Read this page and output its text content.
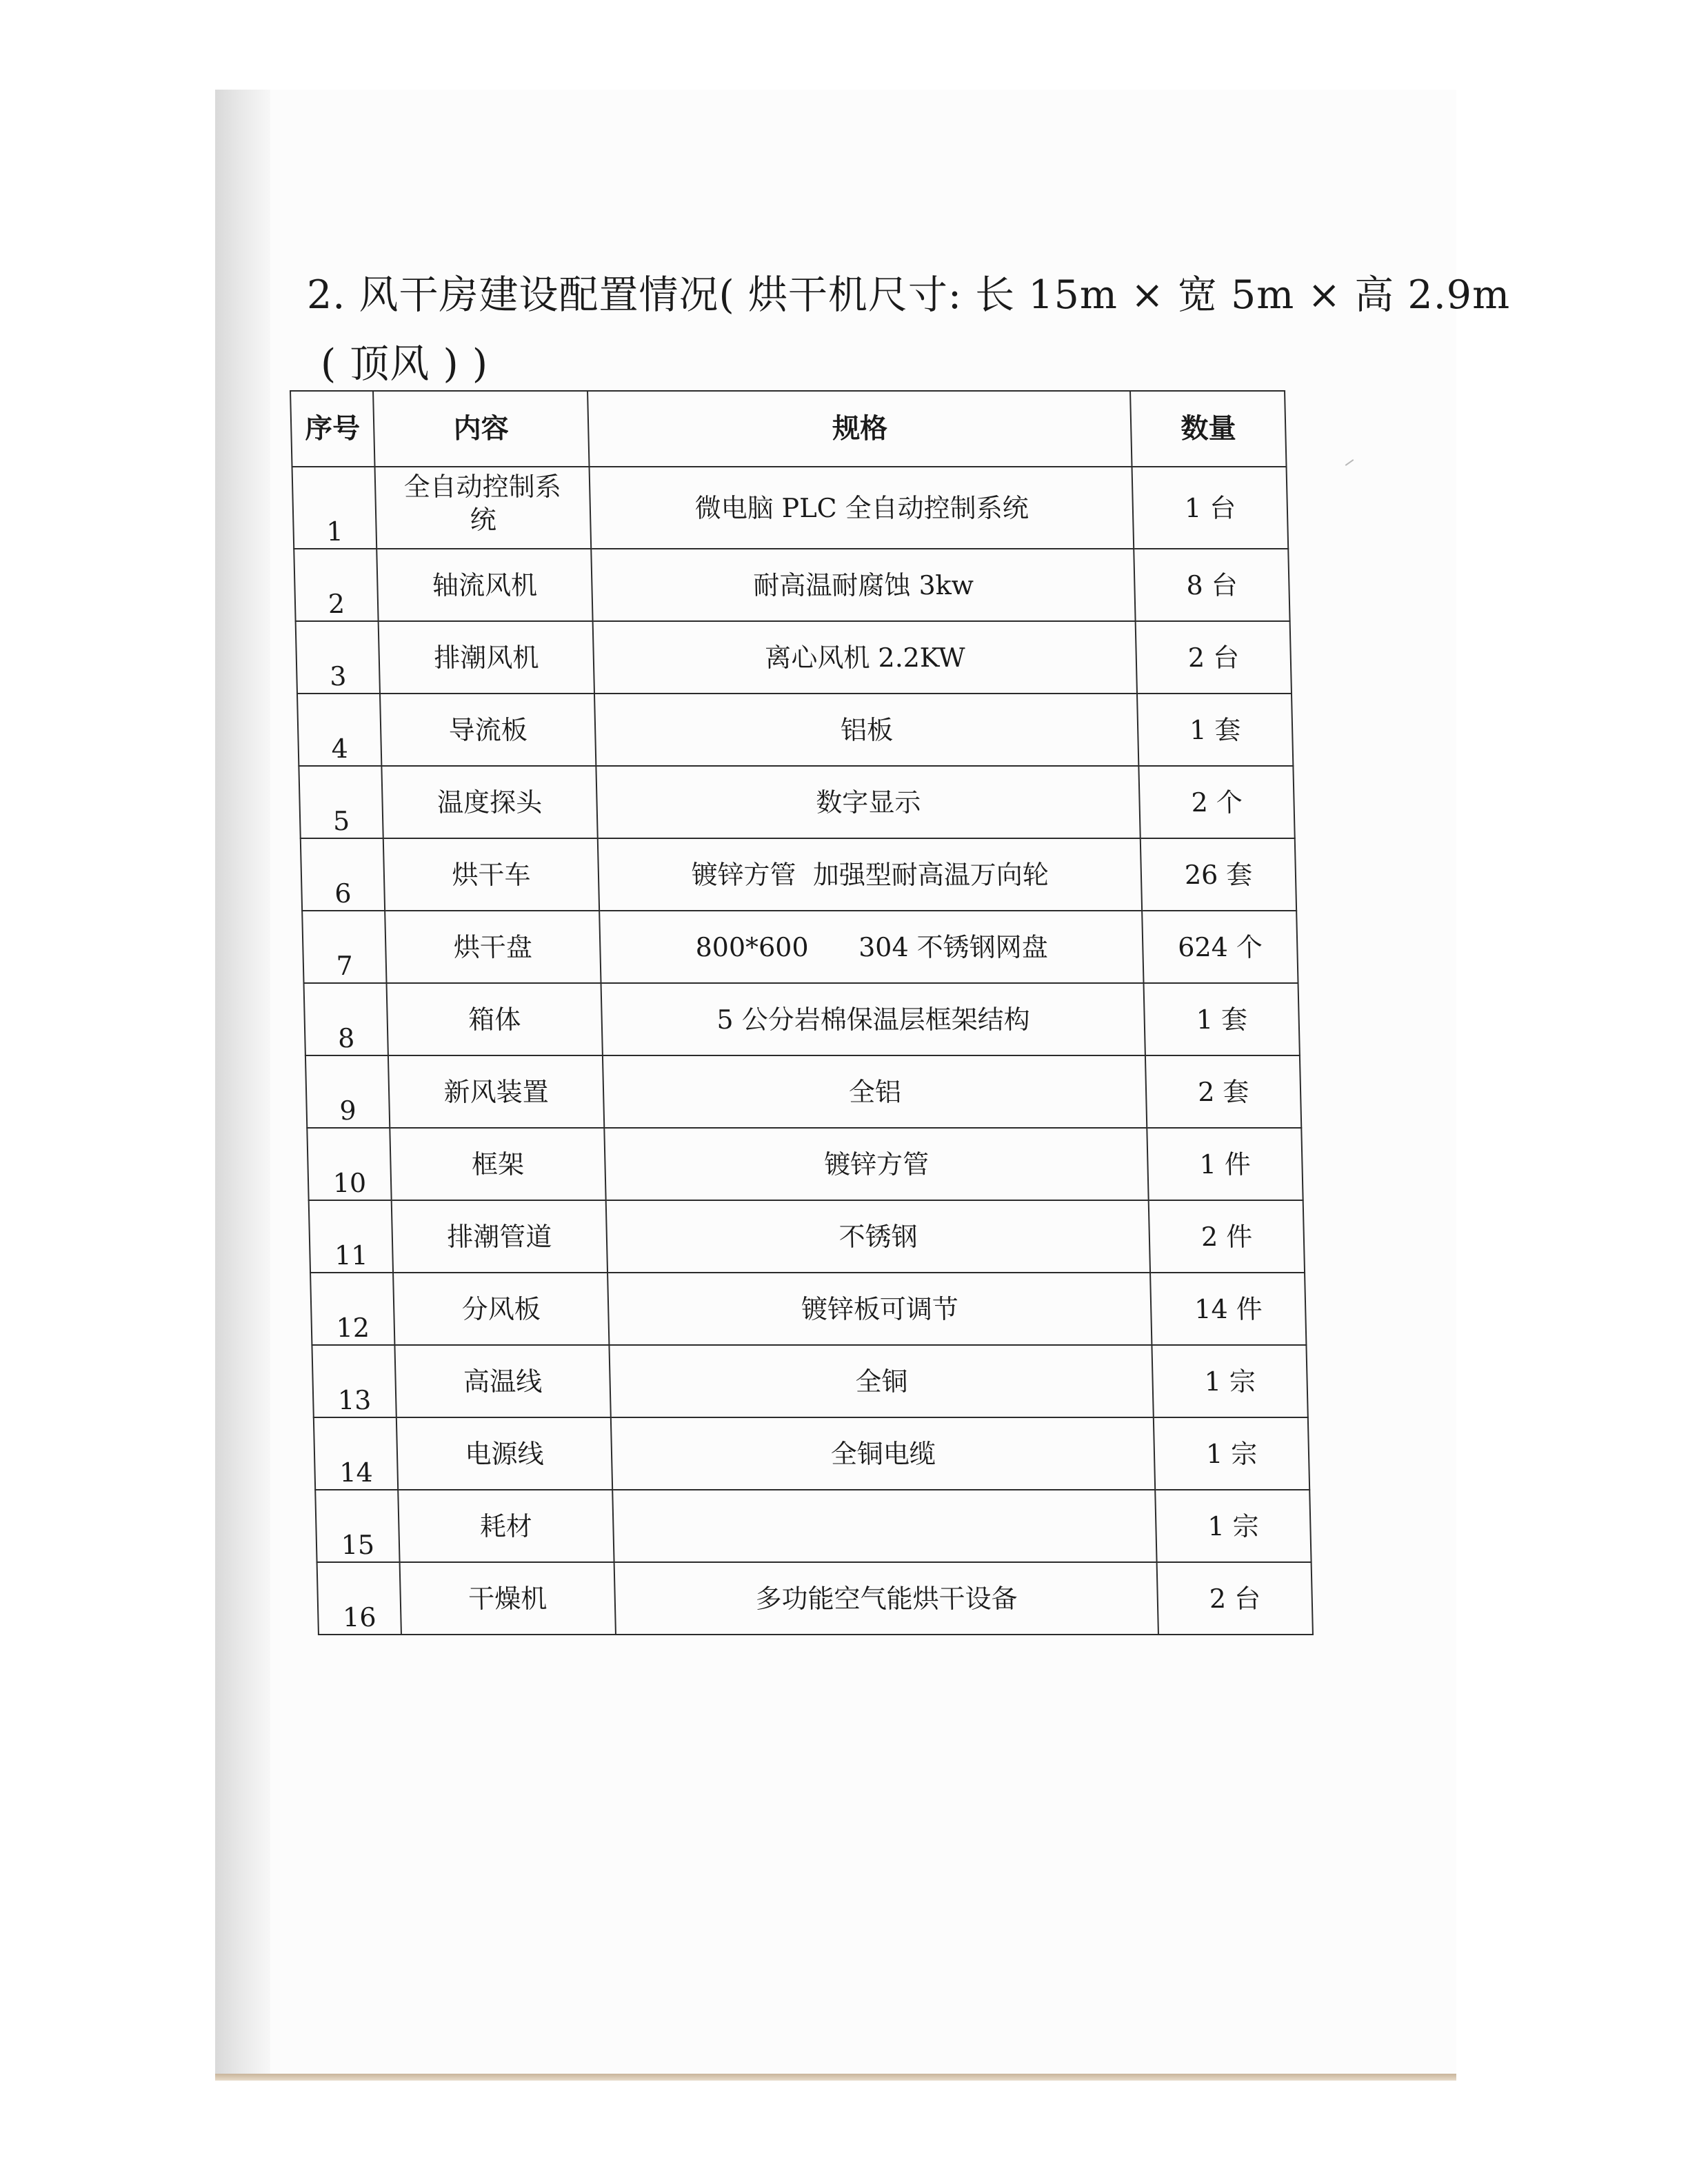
2. 风干房建设配置情况( 烘干机尺寸: 长 15m × 宽 5m × 高 2.9m
( 顶风 ) )
序号	内容	规格	数量
1	全自动控制系统	微电脑 PLC 全自动控制系统	1 台
2	轴流风机	耐高温耐腐蚀 3kw	8 台
3	排潮风机	离心风机 2.2KW	2 台
4	导流板	铝板	1 套
5	温度探头	数字显示	2 个
6	烘干车	镀锌方管  加强型耐高温万向轮	26 套
7	烘干盘	800*600      304 不锈钢网盘	624 个
8	箱体	5 公分岩棉保温层框架结构	1 套
9	新风装置	全铝	2 套
10	框架	镀锌方管	1 件
11	排潮管道	不锈钢	2 件
12	分风板	镀锌板可调节	14 件
13	高温线	全铜	1 宗
14	电源线	全铜电缆	1 宗
15	耗材		1 宗
16	干燥机	多功能空气能烘干设备	2 台
